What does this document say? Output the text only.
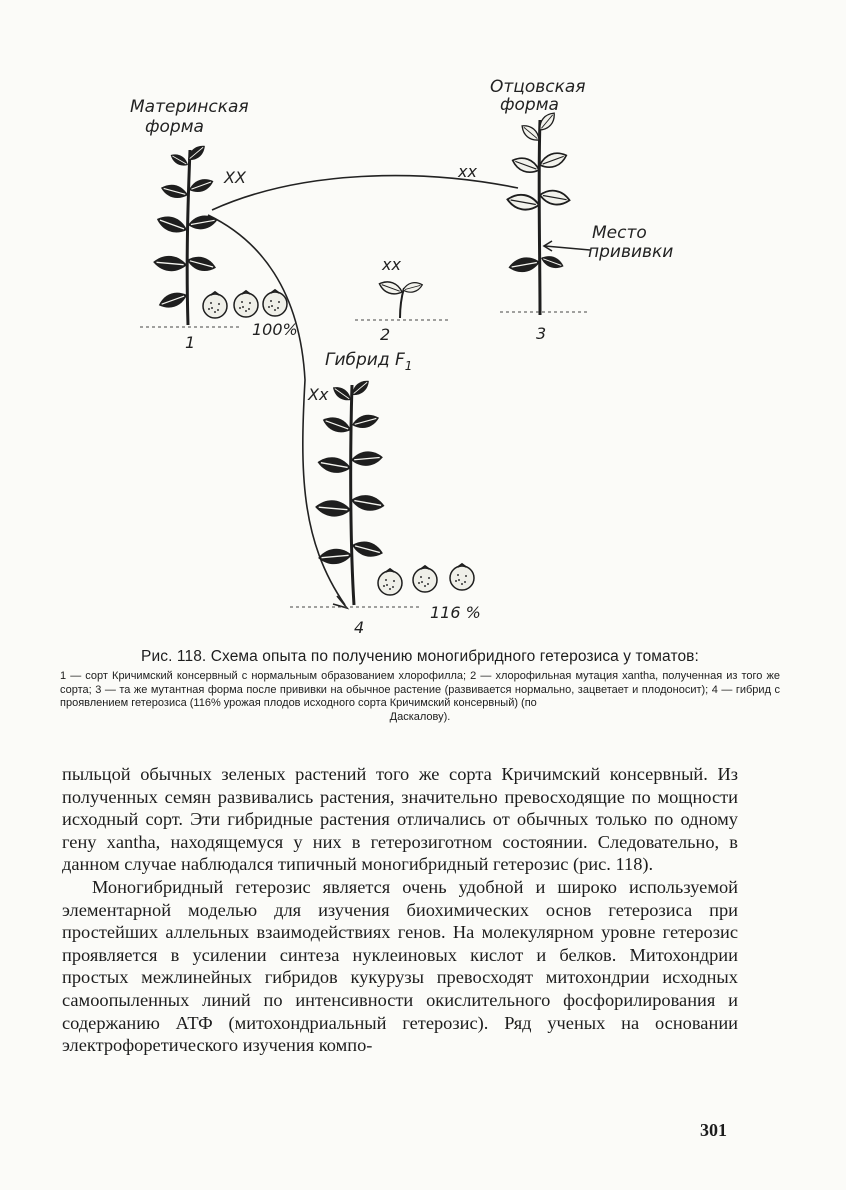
Материнская
форма
Отцовская
форма
Место
прививки
Гибрид $F_1$
XX	xx
xx
Xx
1	2	3
4
100%
116 %

Рис. 118. Схема опыта по получению моногибридного гетерозиса у томатов:

1 — сорт Кричимский консервный с нормальным образованием хлорофилла; 2 — хлорофильная мутация xantha, полученная из того же сорта; 3 — та же мутантная форма после прививки на обычное растение (развивается нормально, зацветает и плодоносит); 4 — гибрид с проявлением гетерозиса (116% урожая плодов исходного сорта Кричимский консервный) (по
Даскалову).

пыльцой обычных зеленых растений того же сорта Кричимский консервный. Из полученных семян развивались растения, значительно превосходящие по мощности исходный сорт. Эти гибридные растения отличались от обычных только по одному гену xantha, находящемуся у них в гетерозиготном состоянии. Следовательно, в данном случае наблюдался типичный моногибридный гетерозис (рис. 118).

Моногибридный гетерозис является очень удобной и широко используемой элементарной моделью для изучения биохимических основ гетерозиса при простейших аллельных взаимодействиях генов. На молекулярном уровне гетерозис проявляется в усилении синтеза нуклеиновых кислот и белков. Митохондрии простых межлинейных гибридов кукурузы превосходят митохондрии исходных самоопыленных линий по интенсивности окислительного фосфорилирования и содержанию АТФ (митохондриальный гетерозис). Ряд ученых на основании электрофоретического изучения компо-

301
